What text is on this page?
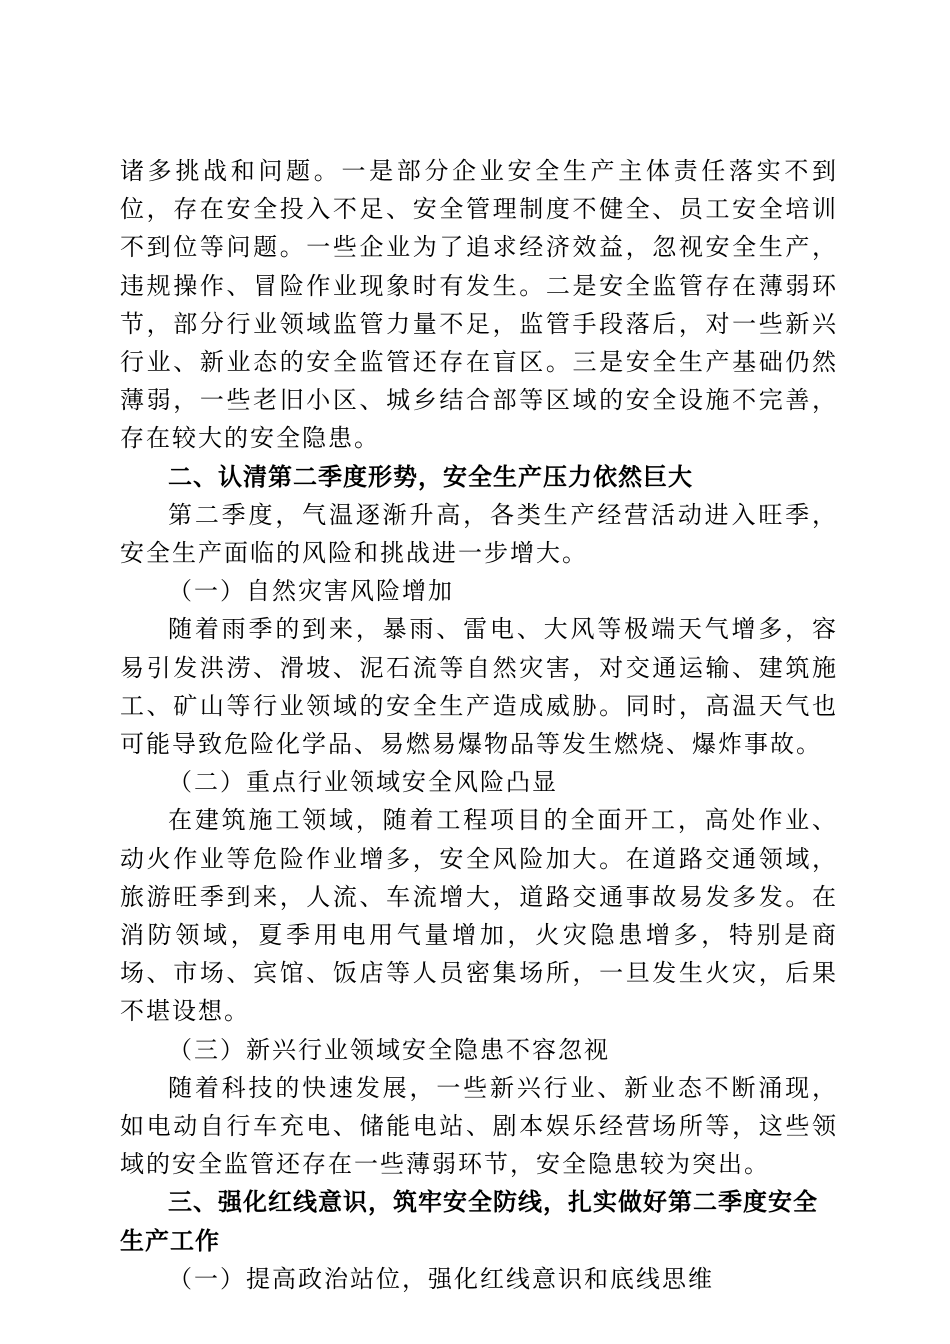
诸多挑战和问题。一是部分企业安全生产主体责任落实不到位，存在安全投入不足、安全管理制度不健全、员工安全培训不到位等问题。一些企业为了追求经济效益，忽视安全生产，违规操作、冒险作业现象时有发生。二是安全监管存在薄弱环节，部分行业领域监管力量不足，监管手段落后，对一些新兴行业、新业态的安全监管还存在盲区。三是安全生产基础仍然薄弱，一些老旧小区、城乡结合部等区域的安全设施不完善，存在较大的安全隐患。

二、认清第二季度形势，安全生产压力依然巨大

第二季度，气温逐渐升高，各类生产经营活动进入旺季，安全生产面临的风险和挑战进一步增大。

（一）自然灾害风险增加

随着雨季的到来，暴雨、雷电、大风等极端天气增多，容易引发洪涝、滑坡、泥石流等自然灾害，对交通运输、建筑施工、矿山等行业领域的安全生产造成威胁。同时，高温天气也可能导致危险化学品、易燃易爆物品等发生燃烧、爆炸事故。

（二）重点行业领域安全风险凸显

在建筑施工领域，随着工程项目的全面开工，高处作业、动火作业等危险作业增多，安全风险加大。在道路交通领域，旅游旺季到来，人流、车流增大，道路交通事故易发多发。在消防领域，夏季用电用气量增加，火灾隐患增多，特别是商场、市场、宾馆、饭店等人员密集场所，一旦发生火灾，后果不堪设想。

（三）新兴行业领域安全隐患不容忽视

随着科技的快速发展，一些新兴行业、新业态不断涌现，如电动自行车充电、储能电站、剧本娱乐经营场所等，这些领域的安全监管还存在一些薄弱环节，安全隐患较为突出。

三、强化红线意识，筑牢安全防线，扎实做好第二季度安全生产工作

（一）提高政治站位，强化红线意识和底线思维
